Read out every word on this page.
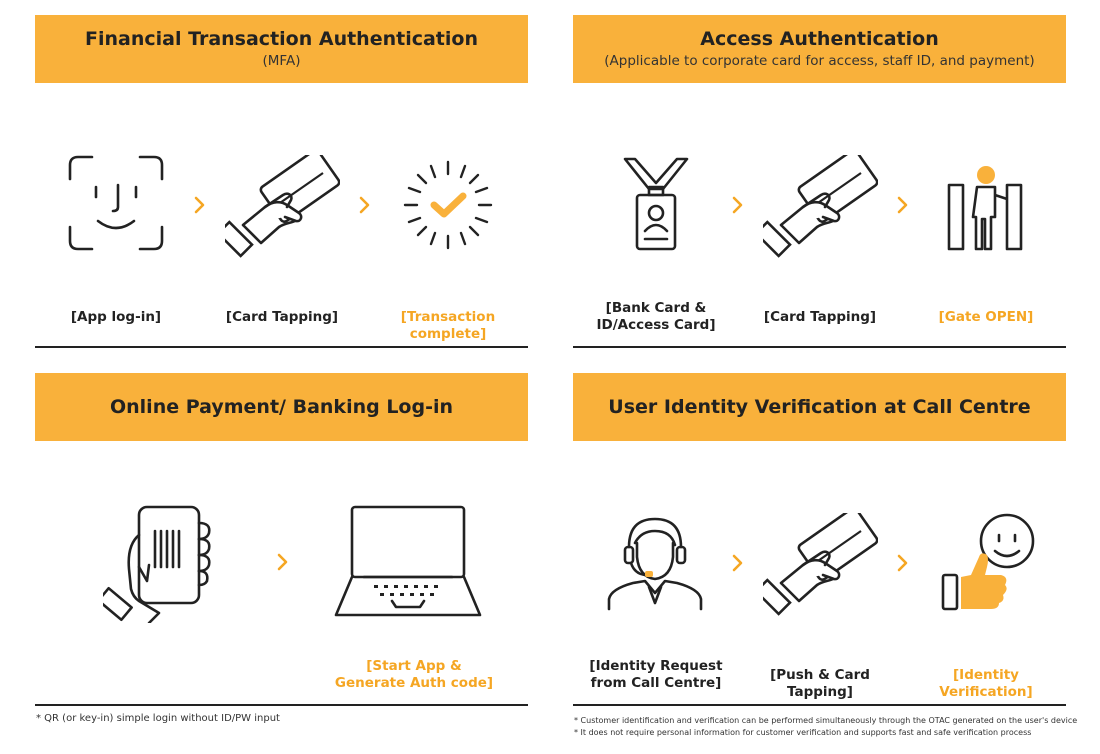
Financial Transaction Authentication
(MFA)
[App log-in]	[Card Tapping]	[Transaction complete]
Access Authentication
(Applicable to corporate card for access, staff ID, and payment)
[Bank Card &
ID/Access Card]	[Card Tapping]	[Gate OPEN]
Online Payment/ Banking Log-in
[Start App &
Generate Auth code]
* QR (or key-in) simple login without ID/PW input
User Identity Verification at Call Centre
[Identity Request
from Call Centre]	[Push & Card Tapping]
[Identity Verification]
* Customer identification and verification can be performed simultaneously through the OTAC generated on the user's device
* It does not require personal information for customer verification and supports fast and safe verification process
